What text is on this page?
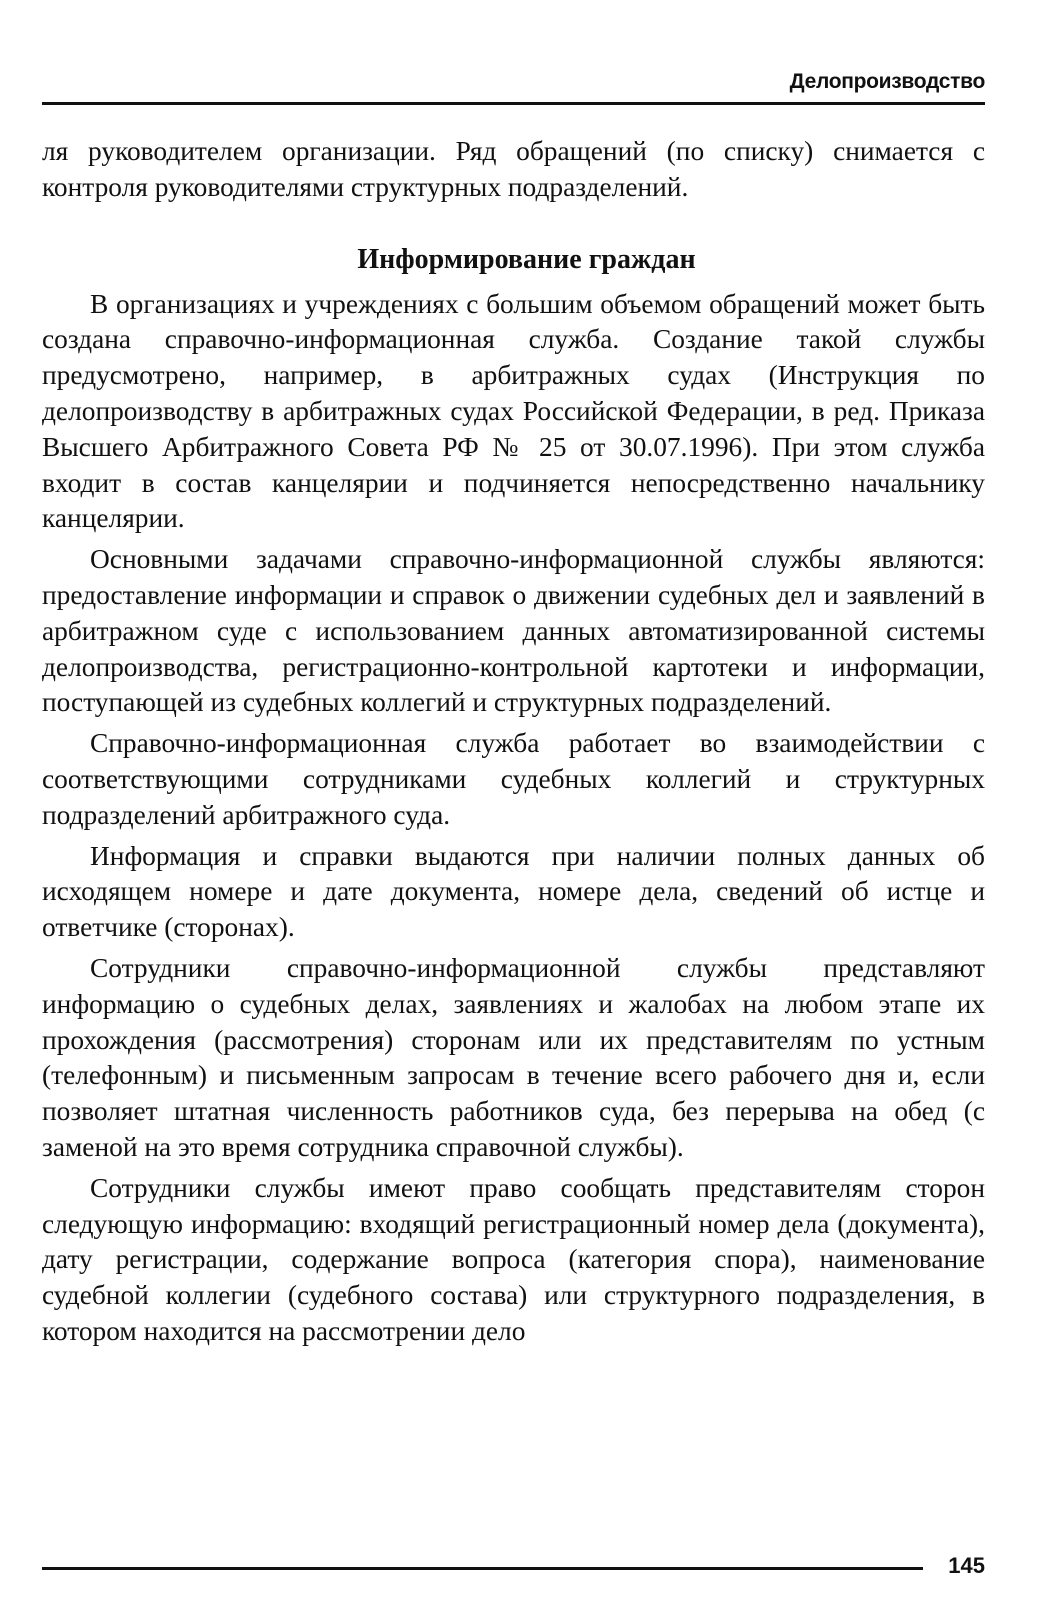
Делопроизводство

ля руководителем организации. Ряд обращений (по списку) снимается с контроля руководителями структурных подразделений.

Информирование граждан

В организациях и учреждениях с большим объемом обращений может быть создана справочно-информационная служба. Создание такой службы предусмотрено, например, в арбитражных судах (Инструкция по делопроизводству в арбитражных судах Российской Федерации, в ред. Приказа Высшего Арбитражного Совета РФ № 25 от 30.07.1996). При этом служба входит в состав канцелярии и подчиняется непосредственно начальнику канцелярии.

Основными задачами справочно-информационной службы являются: предоставление информации и справок о движении судебных дел и заявлений в арбитражном суде с использованием данных автоматизированной системы делопроизводства, регистрационно-контрольной картотеки и информации, поступающей из судебных коллегий и структурных подразделений.

Справочно-информационная служба работает во взаимодействии с соответствующими сотрудниками судебных коллегий и структурных подразделений арбитражного суда.

Информация и справки выдаются при наличии полных данных об исходящем номере и дате документа, номере дела, сведений об истце и ответчике (сторонах).

Сотрудники справочно-информационной службы представляют информацию о судебных делах, заявлениях и жалобах на любом этапе их прохождения (рассмотрения) сторонам или их представителям по устным (телефонным) и письменным запросам в течение всего рабочего дня и, если позволяет штатная численность работников суда, без перерыва на обед (с заменой на это время сотрудника справочной службы).

Сотрудники службы имеют право сообщать представителям сторон следующую информацию: входящий регистрационный номер дела (документа), дату регистрации, содержание вопроса (категория спора), наименование судебной коллегии (судебного состава) или структурного подразделения, в котором находится на рассмотрении дело

145
